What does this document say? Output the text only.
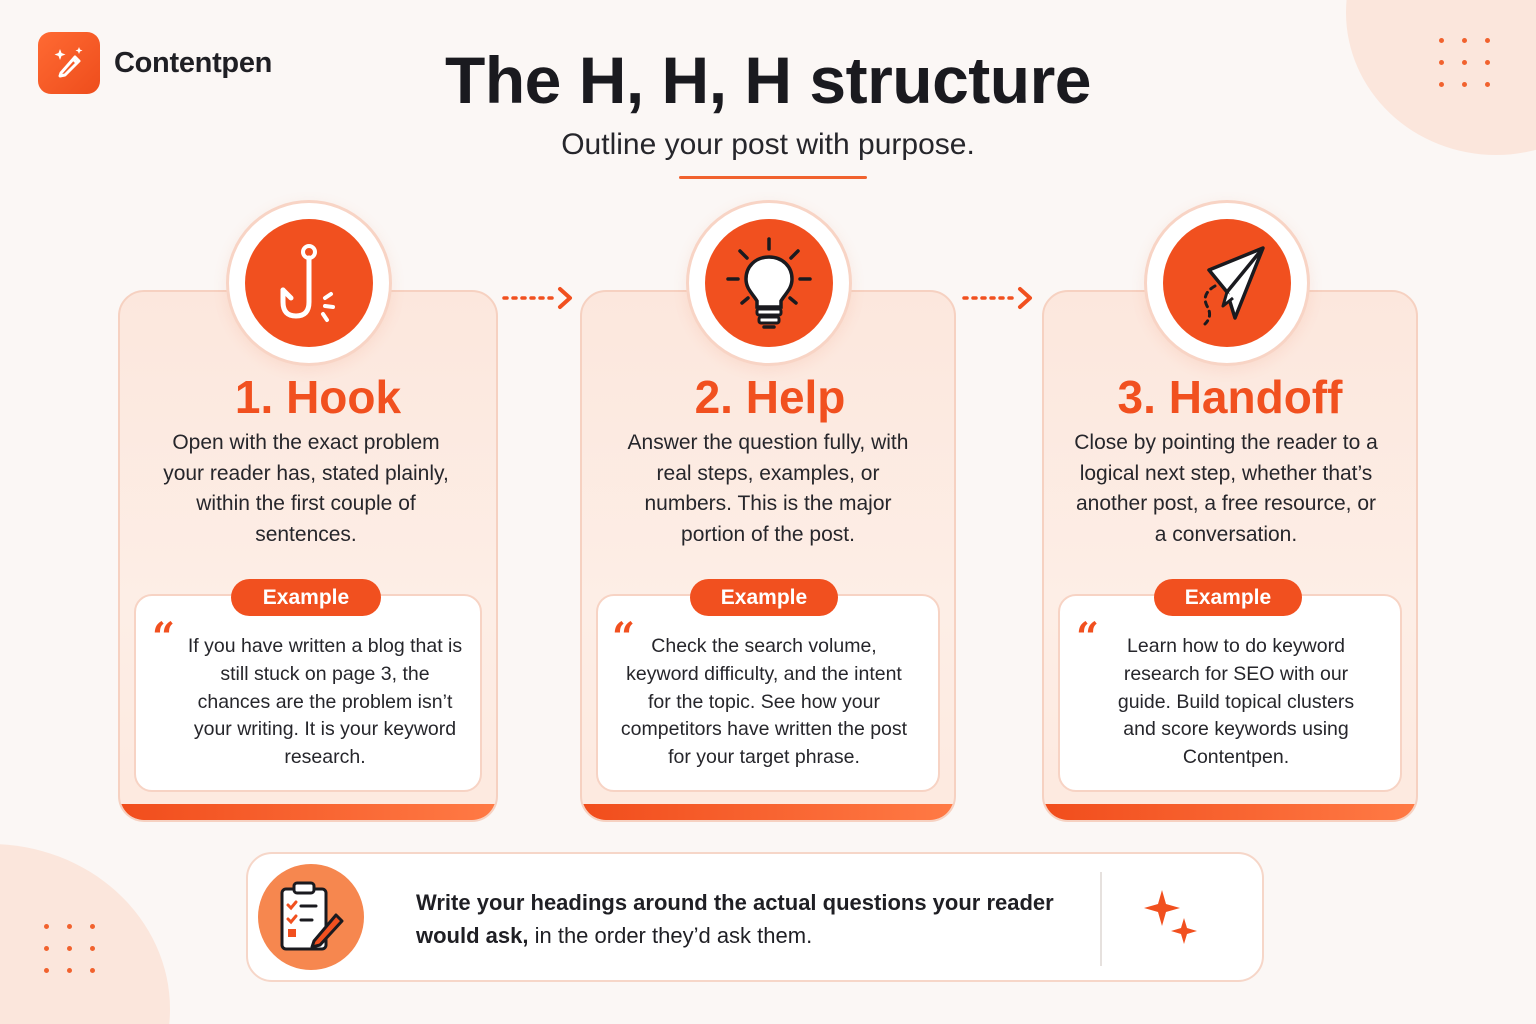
Contentpen	The H, H, H structure
Outline your post with purpose.
1. Hook	2. Help	3. Handoff
Open with the exact problem your reader has, stated plainly, within the first couple of sentences.
Answer the question fully, with real steps, examples, or numbers. This is the major portion of the post.
Close by pointing the reader to a logical next step, whether that’s another post, a free resource, or a conversation.
Example	Example	Example
“	“	“
If you have written a blog that is still stuck on page 3, the chances are the problem isn’t your writing. It is your keyword research.
Check the search volume, keyword difficulty, and the intent for the topic. See how your competitors have written the post for your target phrase.
Learn how to do keyword research for SEO with our guide. Build topical clusters and score keywords using Contentpen.
Write your headings around the actual questions your reader would ask, in the order they’d ask them.
